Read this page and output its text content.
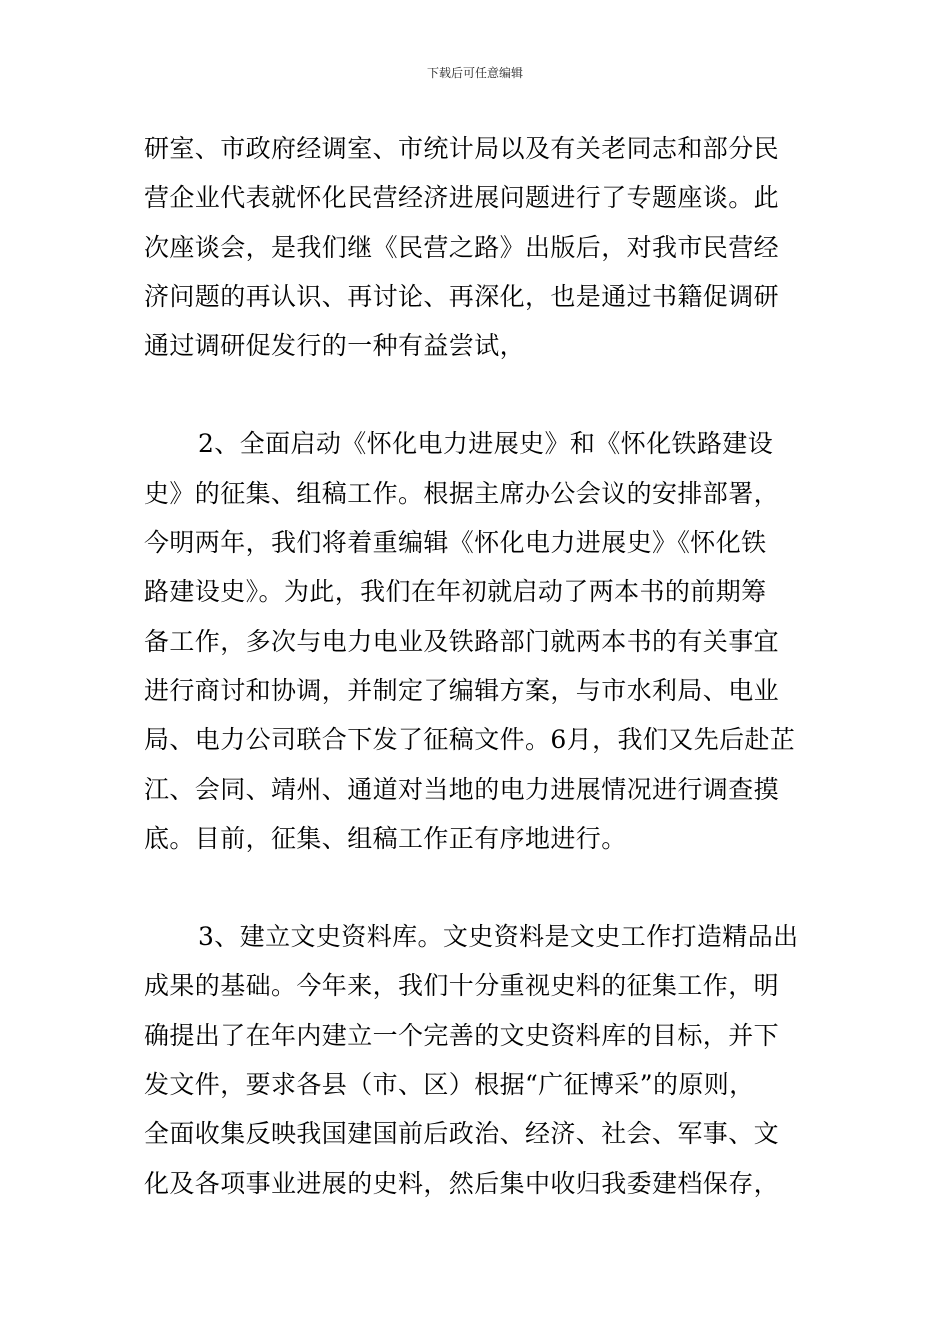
下载后可任意编辑

研室、市政府经调室、市统计局以及有关老同志和部分民
营企业代表就怀化民营经济进展问题进行了专题座谈。此
次座谈会，是我们继《民营之路》出版后，对我市民营经
济问题的再认识、再讨论、再深化，也是通过书籍促调研
通过调研促发行的一种有益尝试，

2、全面启动《怀化电力进展史》和《怀化铁路建设
史》的征集、组稿工作。根据主席办公会议的安排部署，
今明两年，我们将着重编辑《怀化电力进展史》《怀化铁
路建设史》。为此，我们在年初就启动了两本书的前期筹
备工作，多次与电力电业及铁路部门就两本书的有关事宜
进行商讨和协调，并制定了编辑方案，与市水利局、电业
局、电力公司联合下发了征稿文件。6月，我们又先后赴芷
江、会同、靖州、通道对当地的电力进展情况进行调查摸
底。目前，征集、组稿工作正有序地进行。

3、建立文史资料库。文史资料是文史工作打造精品出
成果的基础。今年来，我们十分重视史料的征集工作，明
确提出了在年内建立一个完善的文史资料库的目标，并下
发文件，要求各县（市、区）根据“广征博采”的原则，
全面收集反映我国建国前后政治、经济、社会、军事、文
化及各项事业进展的史料，然后集中收归我委建档保存，
